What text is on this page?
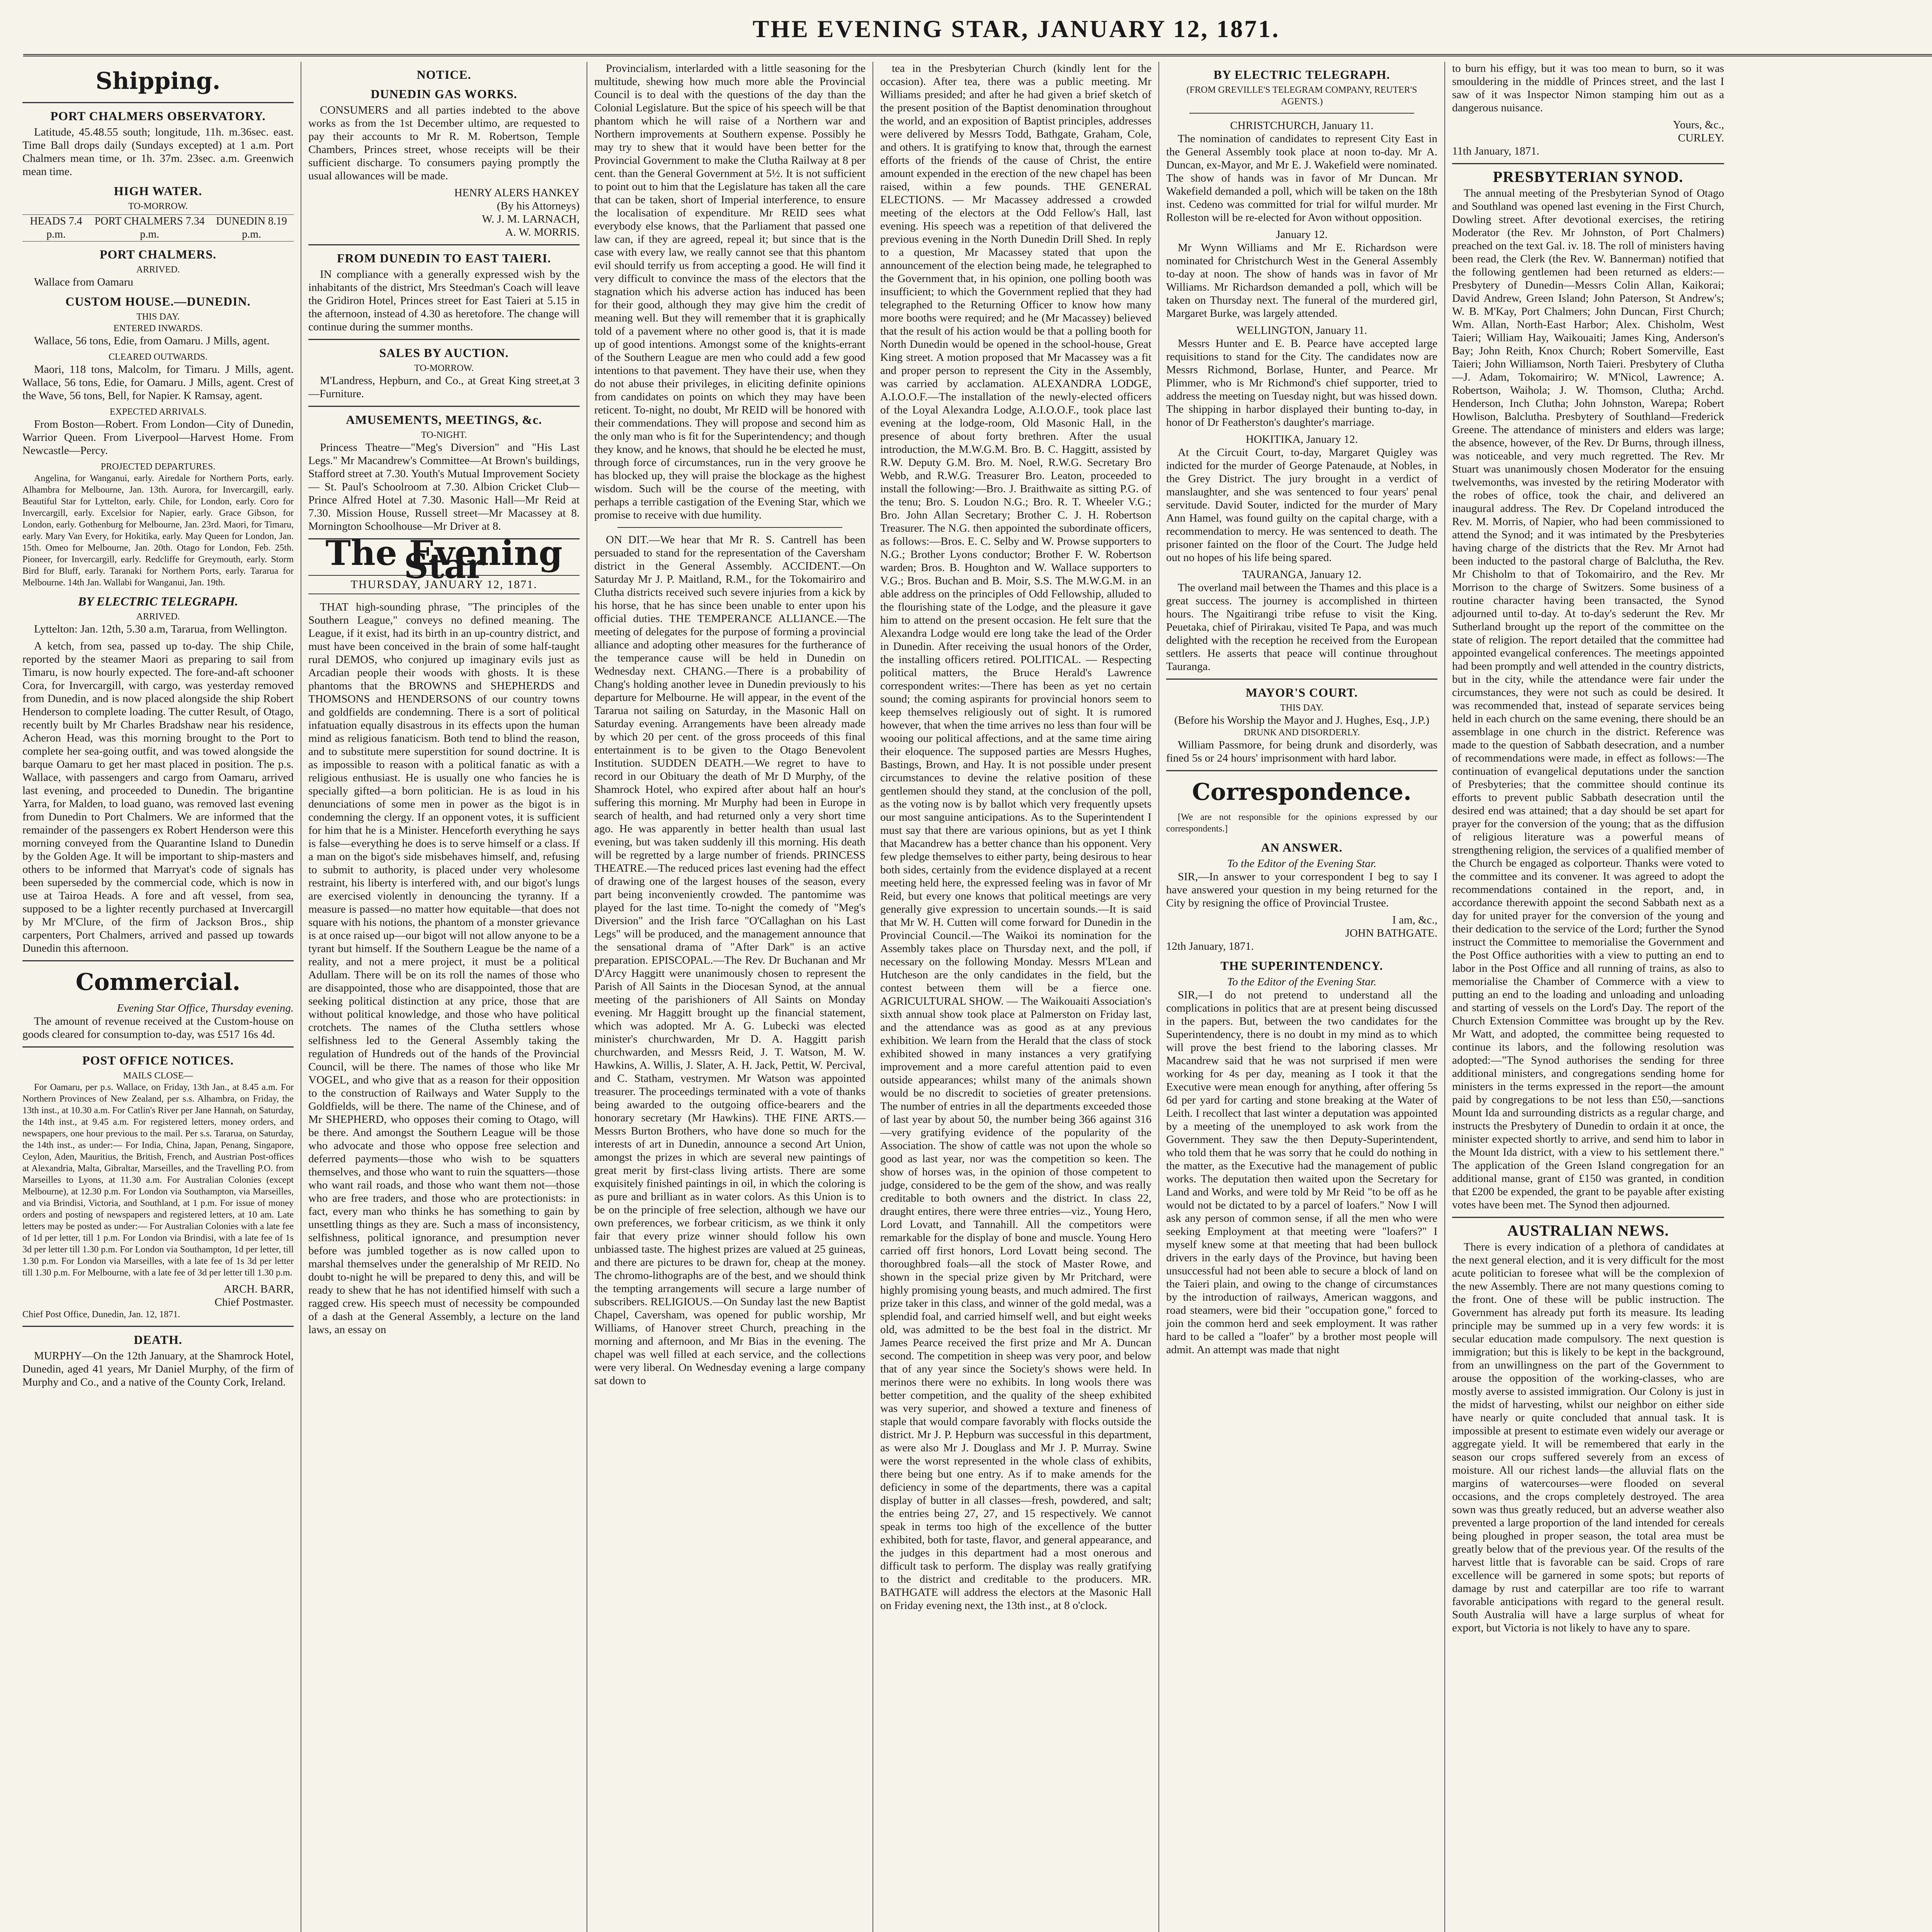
THE EVENING STAR, JANUARY 12, 1871.
Shipping.
PORT CHALMERS OBSERVATORY.

Latitude, 45.48.55 south; longitude, 11h. m.36sec. east. Time Ball drops daily (Sundays excepted) at 1 a.m. Port Chalmers mean time, or 1h. 37m. 23sec. a.m. Greenwich mean time.

HIGH WATER.
TO-MORROW.
HEADS 7.4 p.m.
PORT CHALMERS 7.34 p.m.
DUNEDIN 8.19 p.m.
PORT CHALMERS.
ARRIVED.

Wallace from Oamaru

CUSTOM HOUSE.—DUNEDIN.
THIS DAY.
ENTERED INWARDS.

Wallace, 56 tons, Edie, from Oamaru. J Mills, agent.

CLEARED OUTWARDS.

Maori, 118 tons, Malcolm, for Timaru. J Mills, agent. Wallace, 56 tons, Edie, for Oamaru. J Mills, agent. Crest of the Wave, 56 tons, Bell, for Napier. K Ramsay, agent.

EXPECTED ARRIVALS.

From Boston—Robert. From London—City of Dunedin, Warrior Queen. From Liverpool—Harvest Home. From Newcastle—Percy.

PROJECTED DEPARTURES.

Angelina, for Wanganui, early. Airedale for Northern Ports, early. Alhambra for Melbourne, Jan. 13th. Aurora, for Invercargill, early. Beautiful Star for Lyttelton, early. Chile, for London, early. Coro for Invercargill, early. Excelsior for Napier, early. Grace Gibson, for London, early. Gothenburg for Melbourne, Jan. 23rd. Maori, for Timaru, early. Mary Van Every, for Hokitika, early. May Queen for London, Jan. 15th. Omeo for Melbourne, Jan. 20th. Otago for London, Feb. 25th. Pioneer, for Invercargill, early. Redcliffe for Greymouth, early. Storm Bird for Bluff, early. Taranaki for Northern Ports, early. Tararua for Melbourne. 14th Jan. Wallabi for Wanganui, Jan. 19th.

BY ELECTRIC TELEGRAPH.
ARRIVED.

Lyttelton: Jan. 12th, 5.30 a.m, Tararua, from Wellington.

A ketch, from sea, passed up to-day. The ship Chile, reported by the steamer Maori as preparing to sail from Timaru, is now hourly expected. The fore-and-aft schooner Cora, for Invercargill, with cargo, was yesterday removed from Dunedin, and is now placed alongside the ship Robert Henderson to complete loading. The cutter Result, of Otago, recently built by Mr Charles Bradshaw near his residence, Acheron Head, was this morning brought to the Port to complete her sea-going outfit, and was towed alongside the barque Oamaru to get her mast placed in position. The p.s. Wallace, with passengers and cargo from Oamaru, arrived last evening, and proceeded to Dunedin. The brigantine Yarra, for Malden, to load guano, was removed last evening from Dunedin to Port Chalmers. We are informed that the remainder of the passengers ex Robert Henderson were this morning conveyed from the Quarantine Island to Dunedin by the Golden Age. It will be important to ship-masters and others to be informed that Marryat's code of signals has been superseded by the commercial code, which is now in use at Tairoa Heads. A fore and aft vessel, from sea, supposed to be a lighter recently purchased at Invercargill by Mr M'Clure, of the firm of Jackson Bros., ship carpenters, Port Chalmers, arrived and passed up towards Dunedin this afternoon.

Commercial.
Evening Star Office, Thursday evening.

The amount of revenue received at the Custom-house on goods cleared for consumption to-day, was £517 16s 4d.

POST OFFICE NOTICES.
MAILS CLOSE—

For Oamaru, per p.s. Wallace, on Friday, 13th Jan., at 8.45 a.m. For Northern Provinces of New Zealand, per s.s. Alhambra, on Friday, the 13th inst., at 10.30 a.m. For Catlin's River per Jane Hannah, on Saturday, the 14th inst., at 9.45 a.m. For registered letters, money orders, and newspapers, one hour previous to the mail. Per s.s. Tararua, on Saturday, the 14th inst., as under:— For India, China, Japan, Penang, Singapore, Ceylon, Aden, Mauritius, the British, French, and Austrian Post-offices at Alexandria, Malta, Gibraltar, Marseilles, and the Travelling P.O. from Marseilles to Lyons, at 11.30 a.m. For Australian Colonies (except Melbourne), at 12.30 p.m. For London via Southampton, via Marseilles, and via Brindisi, Victoria, and Southland, at 1 p.m. For issue of money orders and posting of newspapers and registered letters, at 10 am. Late letters may be posted as under:— For Australian Colonies with a late fee of 1d per letter, till 1 p.m. For London via Brindisi, with a late fee of 1s 3d per letter till 1.30 p.m. For London via Southampton, 1d per letter, till 1.30 p.m. For London via Marseilles, with a late fee of 1s 3d per letter till 1.30 p.m. For Melbourne, with a late fee of 3d per letter till 1.30 p.m.

ARCH. BARR,
Chief Postmaster.
Chief Post Office, Dunedin, Jan. 12, 1871.
DEATH.

MURPHY—On the 12th January, at the Shamrock Hotel, Dunedin, aged 41 years, Mr Daniel Murphy, of the firm of Murphy and Co., and a native of the County Cork, Ireland.

NOTICE.
DUNEDIN GAS WORKS.

CONSUMERS and all parties indebted to the above works as from the 1st December ultimo, are requested to pay their accounts to Mr R. M. Robertson, Temple Chambers, Princes street, whose receipts will be their sufficient discharge. To consumers paying promptly the usual allowances will be made.

HENRY ALERS HANKEY
(By his Attorneys)
W. J. M. LARNACH,
A. W. MORRIS.
FROM DUNEDIN TO EAST TAIERI.

IN compliance with a generally expressed wish by the inhabitants of the district, Mrs Steedman's Coach will leave the Gridiron Hotel, Princes street for East Taieri at 5.15 in the afternoon, instead of 4.30 as heretofore. The change will continue during the summer months.

SALES BY AUCTION.
TO-MORROW.

M'Landress, Hepburn, and Co., at Great King street,at 3—Furniture.

AMUSEMENTS, MEETINGS, &c.
TO-NIGHT.

Princess Theatre—"Meg's Diversion" and "His Last Legs." Mr Macandrew's Committee—At Brown's buildings, Stafford street at 7.30. Youth's Mutual Improvement Society — St. Paul's Schoolroom at 7.30. Albion Cricket Club—Prince Alfred Hotel at 7.30. Masonic Hall—Mr Reid at 7.30. Mission House, Russell street—Mr Macassey at 8. Mornington Schoolhouse—Mr Driver at 8.

The Evening Star
THURSDAY, JANUARY 12, 1871.

THAT high-sounding phrase, "The principles of the Southern League," conveys no defined meaning. The League, if it exist, had its birth in an up-country district, and must have been conceived in the brain of some half-taught rural DEMOS, who conjured up imaginary evils just as Arcadian people their woods with ghosts. It is these phantoms that the BROWNS and SHEPHERDS and THOMSONS and HENDERSONS of our country towns and goldfields are condemning. There is a sort of political infatuation equally disastrous in its effects upon the human mind as religious fanaticism. Both tend to blind the reason, and to substitute mere superstition for sound doctrine. It is as impossible to reason with a political fanatic as with a religious enthusiast. He is usually one who fancies he is specially gifted—a born politician. He is as loud in his denunciations of some men in power as the bigot is in condemning the clergy. If an opponent votes, it is sufficient for him that he is a Minister. Henceforth everything he says is false—everything he does is to serve himself or a class. If a man on the bigot's side misbehaves himself, and, refusing to submit to authority, is placed under very wholesome restraint, his liberty is interfered with, and our bigot's lungs are exercised violently in denouncing the tyranny. If a measure is passed—no matter how equitable—that does not square with his notions, the phantom of a monster grievance is at once raised up—our bigot will not allow anyone to be a tyrant but himself. If the Southern League be the name of a reality, and not a mere project, it must be a political Adullam. There will be on its roll the names of those who are disappointed, those who are disappointed, those that are seeking political distinction at any price, those that are without political knowledge, and those who have political crotchets. The names of the Clutha settlers whose selfishness led to the General Assembly taking the regulation of Hundreds out of the hands of the Provincial Council, will be there. The names of those who like Mr VOGEL, and who give that as a reason for their opposition to the construction of Railways and Water Supply to the Goldfields, will be there. The name of the Chinese, and of Mr SHEPHERD, who opposes their coming to Otago, will be there. And amongst the Southern League will be those who advocate and those who oppose free selection and deferred payments—those who wish to be squatters themselves, and those who want to ruin the squatters—those who want rail roads, and those who want them not—those who are free traders, and those who are protectionists: in fact, every man who thinks he has something to gain by unsettling things as they are. Such a mass of inconsistency, selfishness, political ignorance, and presumption never before was jumbled together as is now called upon to marshal themselves under the generalship of Mr REID. No doubt to-night he will be prepared to deny this, and will be ready to shew that he has not identified himself with such a ragged crew. His speech must of necessity be compounded of a dash at the General Assembly, a lecture on the land laws, an essay on

Provincialism, interlarded with a little seasoning for the multitude, shewing how much more able the Provincial Council is to deal with the questions of the day than the Colonial Legislature. But the spice of his speech will be that phantom which he will raise of a Northern war and Northern improvements at Southern expense. Possibly he may try to shew that it would have been better for the Provincial Government to make the Clutha Railway at 8 per cent. than the General Government at 5½. It is not sufficient to point out to him that the Legislature has taken all the care that can be taken, short of Imperial interference, to ensure the localisation of expenditure. Mr REID sees what everybody else knows, that the Parliament that passed one law can, if they are agreed, repeal it; but since that is the case with every law, we really cannot see that this phantom evil should terrify us from accepting a good. He will find it very difficult to convince the mass of the electors that the stagnation which his adverse action has induced has been for their good, although they may give him the credit of meaning well. But they will remember that it is graphically told of a pavement where no other good is, that it is made up of good intentions. Amongst some of the knights-errant of the Southern League are men who could add a few good intentions to that pavement. They have their use, when they do not abuse their privileges, in eliciting definite opinions from candidates on points on which they may have been reticent. To-night, no doubt, Mr REID will be honored with their commendations. They will propose and second him as the only man who is fit for the Superintendency; and though they know, and he knows, that should he be elected he must, through force of circumstances, run in the very groove he has blocked up, they will praise the blockage as the highest wisdom. Such will be the course of the meeting, with perhaps a terrible castigation of the Evening Star, which we promise to receive with due humility.

ON DIT.—We hear that Mr R. S. Cantrell has been persuaded to stand for the representation of the Caversham district in the General Assembly. ACCIDENT.—On Saturday Mr J. P. Maitland, R.M., for the Tokomairiro and Clutha districts received such severe injuries from a kick by his horse, that he has since been unable to enter upon his official duties. THE TEMPERANCE ALLIANCE.—The meeting of delegates for the purpose of forming a provincial alliance and adopting other measures for the furtherance of the temperance cause will be held in Dunedin on Wednesday next. CHANG.—There is a probability of Chang's holding another levee in Dunedin previously to his departure for Melbourne. He will appear, in the event of the Tararua not sailing on Saturday, in the Masonic Hall on Saturday evening. Arrangements have been already made by which 20 per cent. of the gross proceeds of this final entertainment is to be given to the Otago Benevolent Institution. SUDDEN DEATH.—We regret to have to record in our Obituary the death of Mr D Murphy, of the Shamrock Hotel, who expired after about half an hour's suffering this morning. Mr Murphy had been in Europe in search of health, and had returned only a very short time ago. He was apparently in better health than usual last evening, but was taken suddenly ill this morning. His death will be regretted by a large number of friends. PRINCESS THEATRE.—The reduced prices last evening had the effect of drawing one of the largest houses of the season, every part being inconveniently crowded. The pantomime was played for the last time. To-night the comedy of "Meg's Diversion" and the Irish farce "O'Callaghan on his Last Legs" will be produced, and the management announce that the sensational drama of "After Dark" is an active preparation. EPISCOPAL.—The Rev. Dr Buchanan and Mr D'Arcy Haggitt were unanimously chosen to represent the Parish of All Saints in the Diocesan Synod, at the annual meeting of the parishioners of All Saints on Monday evening. Mr Haggitt brought up the financial statement, which was adopted. Mr A. G. Lubecki was elected minister's churchwarden, Mr D. A. Haggitt parish churchwarden, and Messrs Reid, J. T. Watson, M. W. Hawkins, A. Willis, J. Slater, A. H. Jack, Pettit, W. Percival, and C. Statham, vestrymen. Mr Watson was appointed treasurer. The proceedings terminated with a vote of thanks being awarded to the outgoing office-bearers and the honorary secretary (Mr Hawkins). THE FINE ARTS.—Messrs Burton Brothers, who have done so much for the interests of art in Dunedin, announce a second Art Union, amongst the prizes in which are several new paintings of great merit by first-class living artists. There are some exquisitely finished paintings in oil, in which the coloring is as pure and brilliant as in water colors. As this Union is to be on the principle of free selection, although we have our own preferences, we forbear criticism, as we think it only fair that every prize winner should follow his own unbiassed taste. The highest prizes are valued at 25 guineas, and there are pictures to be drawn for, cheap at the money. The chromo-lithographs are of the best, and we should think the tempting arrangements will secure a large number of subscribers. RELIGIOUS.—On Sunday last the new Baptist Chapel, Caversham, was opened for public worship, Mr Williams, of Hanover street Church, preaching in the morning and afternoon, and Mr Bias in the evening. The chapel was well filled at each service, and the collections were very liberal. On Wednesday evening a large company sat down to

tea in the Presbyterian Church (kindly lent for the occasion). After tea, there was a public meeting. Mr Williams presided; and after he had given a brief sketch of the present position of the Baptist denomination throughout the world, and an exposition of Baptist principles, addresses were delivered by Messrs Todd, Bathgate, Graham, Cole, and others. It is gratifying to know that, through the earnest efforts of the friends of the cause of Christ, the entire amount expended in the erection of the new chapel has been raised, within a few pounds. THE GENERAL ELECTIONS. — Mr Macassey addressed a crowded meeting of the electors at the Odd Fellow's Hall, last evening. His speech was a repetition of that delivered the previous evening in the North Dunedin Drill Shed. In reply to a question, Mr Macassey stated that upon the announcement of the election being made, he telegraphed to the Government that, in his opinion, one polling booth was insufficient; to which the Government replied that they had telegraphed to the Returning Officer to know how many more booths were required; and he (Mr Macassey) believed that the result of his action would be that a polling booth for North Dunedin would be opened in the school-house, Great King street. A motion proposed that Mr Macassey was a fit and proper person to represent the City in the Assembly, was carried by acclamation. ALEXANDRA LODGE, A.I.O.O.F.—The installation of the newly-elected officers of the Loyal Alexandra Lodge, A.I.O.O.F., took place last evening at the lodge-room, Old Masonic Hall, in the presence of about forty brethren. After the usual introduction, the M.W.G.M. Bro. B. C. Haggitt, assisted by R.W. Deputy G.M. Bro. M. Noel, R.W.G. Secretary Bro Webb, and R.W.G. Treasurer Bro. Leaton, proceeded to install the following:—Bro. J. Braithwaite as sitting P.G. of the tenu; Bro. S. Loudon N.G.; Bro. R. T. Wheeler V.G.; Bro. John Allan Secretary; Brother C. J. H. Robertson Treasurer. The N.G. then appointed the subordinate officers, as follows:—Bros. E. C. Selby and W. Prowse supporters to N.G.; Brother Lyons conductor; Brother F. W. Robertson warden; Bros. B. Houghton and W. Wallace supporters to V.G.; Bros. Buchan and B. Moir, S.S. The M.W.G.M. in an able address on the principles of Odd Fellowship, alluded to the flourishing state of the Lodge, and the pleasure it gave him to attend on the present occasion. He felt sure that the Alexandra Lodge would ere long take the lead of the Order in Dunedin. After receiving the usual honors of the Order, the installing officers retired. POLITICAL. — Respecting political matters, the Bruce Herald's Lawrence correspondent writes:—There has been as yet no certain sound; the coming aspirants for provincial honors seem to keep themselves religiously out of sight. It is rumored however, that when the time arrives no less than four will be wooing our political affections, and at the same time airing their eloquence. The supposed parties are Messrs Hughes, Bastings, Brown, and Hay. It is not possible under present circumstances to devine the relative position of these gentlemen should they stand, at the conclusion of the poll, as the voting now is by ballot which very frequently upsets our most sanguine anticipations. As to the Superintendent I must say that there are various opinions, but as yet I think that Macandrew has a better chance than his opponent. Very few pledge themselves to either party, being desirous to hear both sides, certainly from the evidence displayed at a recent meeting held here, the expressed feeling was in favor of Mr Reid, but every one knows that political meetings are very generally give expression to uncertain sounds.—It is said that Mr W. H. Cutten will come forward for Dunedin in the Provincial Council.—The Waikoi its nomination for the Assembly takes place on Thursday next, and the poll, if necessary on the following Monday. Messrs M'Lean and Hutcheson are the only candidates in the field, but the contest between them will be a fierce one. AGRICULTURAL SHOW. — The Waikouaiti Association's sixth annual show took place at Palmerston on Friday last, and the attendance was as good as at any previous exhibition. We learn from the Herald that the class of stock exhibited showed in many instances a very gratifying improvement and a more careful attention paid to even outside appearances; whilst many of the animals shown would be no discredit to societies of greater pretensions. The number of entries in all the departments exceeded those of last year by about 50, the number being 366 against 316—very gratifying evidence of the popularity of the Association. The show of cattle was not upon the whole so good as last year, nor was the competition so keen. The show of horses was, in the opinion of those competent to judge, considered to be the gem of the show, and was really creditable to both owners and the district. In class 22, draught entires, there were three entries—viz., Young Hero, Lord Lovatt, and Tannahill. All the competitors were remarkable for the display of bone and muscle. Young Hero carried off first honors, Lord Lovatt being second. The thoroughbred foals—all the stock of Master Rowe, and shown in the special prize given by Mr Pritchard, were highly promising young beasts, and much admired. The first prize taker in this class, and winner of the gold medal, was a splendid foal, and carried himself well, and but eight weeks old, was admitted to be the best foal in the district. Mr James Pearce received the first prize and Mr A. Duncan second. The competition in sheep was very poor, and below that of any year since the Society's shows were held. In merinos there were no exhibits. In long wools there was better competition, and the quality of the sheep exhibited was very superior, and showed a texture and fineness of staple that would compare favorably with flocks outside the district. Mr J. P. Hepburn was successful in this department, as were also Mr J. Douglass and Mr J. P. Murray. Swine were the worst represented in the whole class of exhibits, there being but one entry. As if to make amends for the deficiency in some of the departments, there was a capital display of butter in all classes—fresh, powdered, and salt; the entries being 27, 27, and 15 respectively. We cannot speak in terms too high of the excellence of the butter exhibited, both for taste, flavor, and general appearance, and the judges in this department had a most onerous and difficult task to perform. The display was really gratifying to the district and creditable to the producers. MR. BATHGATE will address the electors at the Masonic Hall on Friday evening next, the 13th inst., at 8 o'clock.

BY ELECTRIC TELEGRAPH.
(FROM GREVILLE'S TELEGRAM COMPANY, REUTER'S AGENTS.)
CHRISTCHURCH, January 11.

The nomination of candidates to represent City East in the General Assembly took place at noon to-day. Mr A. Duncan, ex-Mayor, and Mr E. J. Wakefield were nominated. The show of hands was in favor of Mr Duncan. Mr Wakefield demanded a poll, which will be taken on the 18th inst. Cedeno was committed for trial for wilful murder. Mr Rolleston will be re-elected for Avon without opposition.

January 12.

Mr Wynn Williams and Mr E. Richardson were nominated for Christchurch West in the General Assembly to-day at noon. The show of hands was in favor of Mr Williams. Mr Richardson demanded a poll, which will be taken on Thursday next. The funeral of the murdered girl, Margaret Burke, was largely attended.

WELLINGTON, January 11.

Messrs Hunter and E. B. Pearce have accepted large requisitions to stand for the City. The candidates now are Messrs Richmond, Borlase, Hunter, and Pearce. Mr Plimmer, who is Mr Richmond's chief supporter, tried to address the meeting on Tuesday night, but was hissed down. The shipping in harbor displayed their bunting to-day, in honor of Dr Featherston's daughter's marriage.

HOKITIKA, January 12.

At the Circuit Court, to-day, Margaret Quigley was indicted for the murder of George Patenaude, at Nobles, in the Grey District. The jury brought in a verdict of manslaughter, and she was sentenced to four years' penal servitude. David Souter, indicted for the murder of Mary Ann Hamel, was found guilty on the capital charge, with a recommendation to mercy. He was sentenced to death. The prisoner fainted on the floor of the Court. The Judge held out no hopes of his life being spared.

TAURANGA, January 12.

The overland mail between the Thames and this place is a great success. The journey is accomplished in thirteen hours. The Ngaitirangi tribe refuse to visit the King. Peuetaka, chief of Pirirakau, visited Te Papa, and was much delighted with the reception he received from the European settlers. He asserts that peace will continue throughout Tauranga.

MAYOR'S COURT.
THIS DAY.
(Before his Worship the Mayor and J. Hughes, Esq., J.P.)
DRUNK AND DISORDERLY.

William Passmore, for being drunk and disorderly, was fined 5s or 24 hours' imprisonment with hard labor.

Correspondence.

[We are not responsible for the opinions expressed by our correspondents.]

AN ANSWER.
To the Editor of the Evening Star.

SIR,—In answer to your correspondent I beg to say I have answered your question in my being returned for the City by resigning the office of Provincial Trustee.

I am, &c.,
JOHN BATHGATE.
12th January, 1871.
THE SUPERINTENDENCY.
To the Editor of the Evening Star.

SIR,—I do not pretend to understand all the complications in politics that are at present being discussed in the papers. But, between the two candidates for the Superintendency, there is no doubt in my mind as to which will prove the best friend to the laboring classes. Mr Macandrew said that he was not surprised if men were working for 4s per day, meaning as I took it that the Executive were mean enough for anything, after offering 5s 6d per yard for carting and stone breaking at the Water of Leith. I recollect that last winter a deputation was appointed by a meeting of the unemployed to ask work from the Government. They saw the then Deputy-Superintendent, who told them that he was sorry that he could do nothing in the matter, as the Executive had the management of public works. The deputation then waited upon the Secretary for Land and Works, and were told by Mr Reid "to be off as he would not be dictated to by a parcel of loafers." Now I will ask any person of common sense, if all the men who were seeking Employment at that meeting were "loafers?" I myself knew some at that meeting that had been bullock drivers in the early days of the Province, but having been unsuccessful had not been able to secure a block of land on the Taieri plain, and owing to the change of circumstances by the introduction of railways, American waggons, and road steamers, were bid their "occupation gone," forced to join the common herd and seek employment. It was rather hard to be called a "loafer" by a brother most people will admit. An attempt was made that night

to burn his effigy, but it was too mean to burn, so it was smouldering in the middle of Princes street, and the last I saw of it was Inspector Nimon stamping him out as a dangerous nuisance.

Yours, &c.,
CURLEY.
11th January, 1871.
PRESBYTERIAN SYNOD.

The annual meeting of the Presbyterian Synod of Otago and Southland was opened last evening in the First Church, Dowling street. After devotional exercises, the retiring Moderator (the Rev. Mr Johnston, of Port Chalmers) preached on the text Gal. iv. 18. The roll of ministers having been read, the Clerk (the Rev. W. Bannerman) notified that the following gentlemen had been returned as elders:—Presbytery of Dunedin—Messrs Colin Allan, Kaikorai; David Andrew, Green Island; John Paterson, St Andrew's; W. B. M'Kay, Port Chalmers; John Duncan, First Church; Wm. Allan, North-East Harbor; Alex. Chisholm, West Taieri; William Hay, Waikouaiti; James King, Anderson's Bay; John Reith, Knox Church; Robert Somerville, East Taieri; John Williamson, North Taieri. Presbytery of Clutha—J. Adam, Tokomairiro; W. M'Nicol, Lawrence; A. Robertson, Waihola; J. W. Thomson, Clutha; Archd. Henderson, Inch Clutha; John Johnston, Warepa; Robert Howlison, Balclutha. Presbytery of Southland—Frederick Greene. The attendance of ministers and elders was large; the absence, however, of the Rev. Dr Burns, through illness, was noticeable, and very much regretted. The Rev. Mr Stuart was unanimously chosen Moderator for the ensuing twelvemonths, was invested by the retiring Moderator with the robes of office, took the chair, and delivered an inaugural address. The Rev. Dr Copeland introduced the Rev. M. Morris, of Napier, who had been commissioned to attend the Synod; and it was intimated by the Presbyteries having charge of the districts that the Rev. Mr Arnot had been inducted to the pastoral charge of Balclutha, the Rev. Mr Chisholm to that of Tokomairiro, and the Rev. Mr Morrison to the charge of Switzers. Some business of a routine character having been transacted, the Synod adjourned until to-day. At to-day's sederunt the Rev. Mr Sutherland brought up the report of the committee on the state of religion. The report detailed that the committee had appointed evangelical conferences. The meetings appointed had been promptly and well attended in the country districts, but in the city, while the attendance were fair under the circumstances, they were not such as could be desired. It was recommended that, instead of separate services being held in each church on the same evening, there should be an assemblage in one church in the district. Reference was made to the question of Sabbath desecration, and a number of recommendations were made, in effect as follows:—The continuation of evangelical deputations under the sanction of Presbyteries; that the committee should continue its efforts to prevent public Sabbath desecration until the desired end was attained; that a day should be set apart for prayer for the conversion of the young; that as the diffusion of religious literature was a powerful means of strengthening religion, the services of a qualified member of the Church be engaged as colporteur. Thanks were voted to the committee and its convener. It was agreed to adopt the recommendations contained in the report, and, in accordance therewith appoint the second Sabbath next as a day for united prayer for the conversion of the young and their dedication to the service of the Lord; further the Synod instruct the Committee to memorialise the Government and the Post Office authorities with a view to putting an end to labor in the Post Office and all running of trains, as also to memorialise the Chamber of Commerce with a view to putting an end to the loading and unloading and unloading and starting of vessels on the Lord's Day. The report of the Church Extension Committee was brought up by the Rev. Mr Watt, and adopted, the committee being requested to continue its labors, and the following resolution was adopted:—"The Synod authorises the sending for three additional ministers, and congregations sending home for ministers in the terms expressed in the report—the amount paid by congregations to be not less than £50,—sanctions Mount Ida and surrounding districts as a regular charge, and instructs the Presbytery of Dunedin to ordain it at once, the minister expected shortly to arrive, and send him to labor in the Mount Ida district, with a view to his settlement there." The application of the Green Island congregation for an additional manse, grant of £150 was granted, in condition that £200 be expended, the grant to be payable after existing votes have been met. The Synod then adjourned.

AUSTRALIAN NEWS.

There is every indication of a plethora of candidates at the next general election, and it is very difficult for the most acute politician to foresee what will be the complexion of the new Assembly. There are not many questions coming to the front. One of these will be public instruction. The Government has already put forth its measure. Its leading principle may be summed up in a very few words: it is secular education made compulsory. The next question is immigration; but this is likely to be kept in the background, from an unwillingness on the part of the Government to arouse the opposition of the working-classes, who are mostly averse to assisted immigration. Our Colony is just in the midst of harvesting, whilst our neighbor on either side have nearly or quite concluded that annual task. It is impossible at present to estimate even widely our average or aggregate yield. It will be remembered that early in the season our crops suffered severely from an excess of moisture. All our richest lands—the alluvial flats on the margins of watercourses—were flooded on several occasions, and the crops completely destroyed. The area sown was thus greatly reduced, but an adverse weather also prevented a large proportion of the land intended for cereals being ploughed in proper season, the total area must be greatly below that of the previous year. Of the results of the harvest little that is favorable can be said. Crops of rare excellence will be garnered in some spots; but reports of damage by rust and caterpillar are too rife to warrant favorable anticipations with regard to the general result. South Australia will have a large surplus of wheat for export, but Victoria is not likely to have any to spare.
